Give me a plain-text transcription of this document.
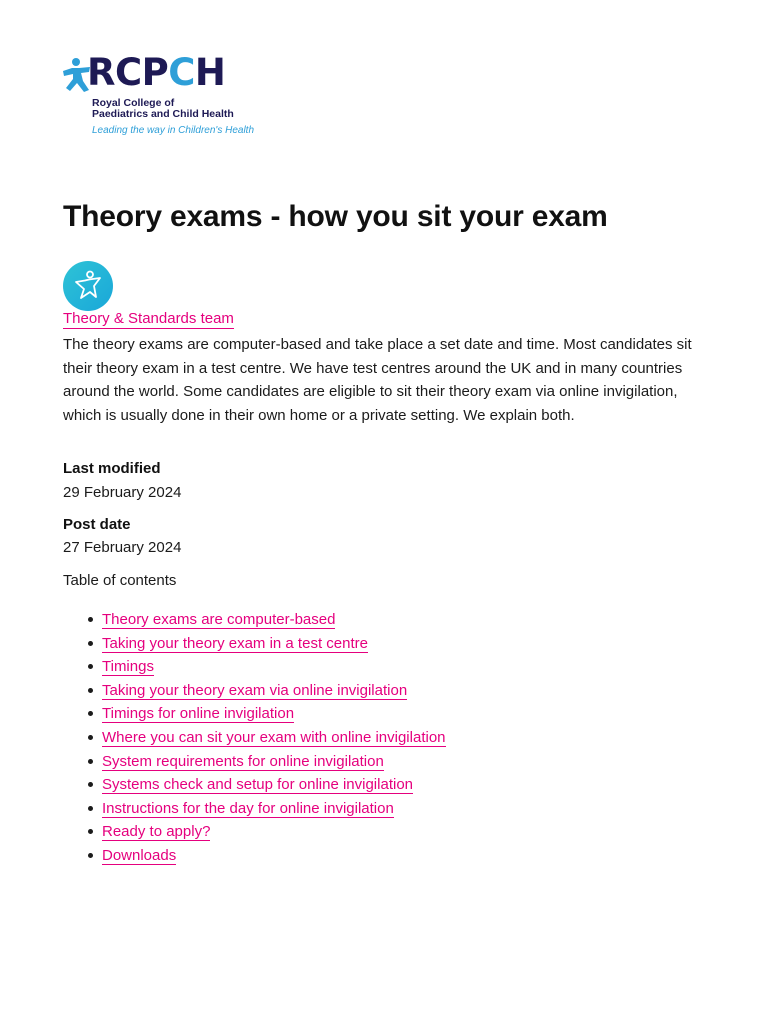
RCPCH
Royal College of
Paediatrics and Child Health
Leading the way in Children's Health
Theory exams - how you sit your exam
Theory & Standards team

The theory exams are computer-based and take place a set date and time. Most candidates sit their theory exam in a test centre. We have test centres around the UK and in many countries around the world. Some candidates are eligible to sit their theory exam via online invigilation, which is usually done in their own home or a private setting. We explain both.

Last modified
29 February 2024
Post date
27 February 2024
Table of contents
Theory exams are computer-based
Taking your theory exam in a test centre
Timings
Taking your theory exam via online invigilation
Timings for online invigilation
Where you can sit your exam with online invigilation
System requirements for online invigilation
Systems check and setup for online invigilation
Instructions for the day for online invigilation
Ready to apply?
Downloads
